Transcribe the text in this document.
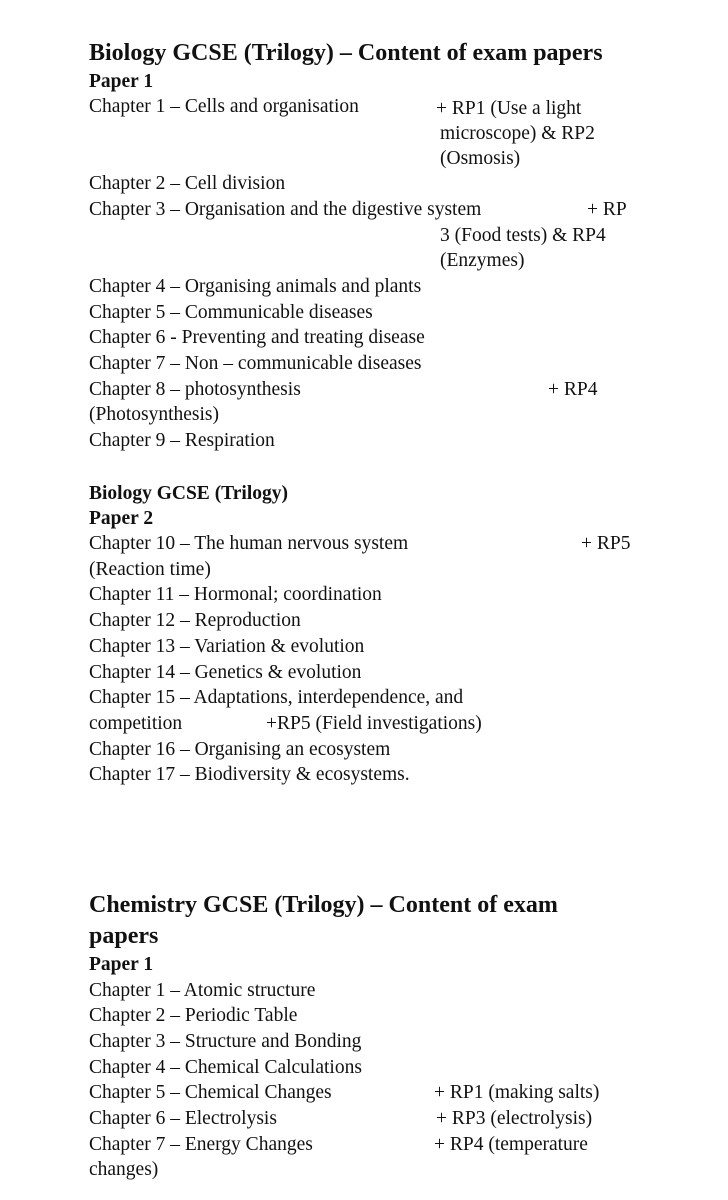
Biology GCSE (Trilogy) – Content of exam papers
Paper 1
Chapter 1 – Cells and organisation	+ RP1 (Use a light
microscope) & RP2
(Osmosis)
Chapter 2 – Cell division
Chapter 3 – Organisation and the digestive system	+ RP
3 (Food tests) & RP4
(Enzymes)
Chapter 4 – Organising animals and plants
Chapter 5 – Communicable diseases
Chapter 6 - Preventing and treating disease
Chapter 7 – Non – communicable diseases
Chapter 8 – photosynthesis	+ RP4
(Photosynthesis)
Chapter 9 – Respiration
Biology GCSE (Trilogy)
Paper 2
Chapter 10 – The human nervous system	+ RP5
(Reaction time)
Chapter 11 – Hormonal; coordination
Chapter 12 – Reproduction
Chapter 13 – Variation & evolution
Chapter 14 – Genetics & evolution
Chapter 15 – Adaptations, interdependence, and
competition	+RP5 (Field investigations)
Chapter 16 – Organising an ecosystem
Chapter 17 – Biodiversity & ecosystems.
Chemistry GCSE (Trilogy) – Content of exam
papers
Paper 1
Chapter 1 – Atomic structure
Chapter 2 – Periodic Table
Chapter 3 – Structure and Bonding
Chapter 4 – Chemical Calculations
Chapter 5 – Chemical Changes	+ RP1 (making salts)
Chapter 6 – Electrolysis	+ RP3 (electrolysis)
Chapter 7 – Energy Changes	+ RP4 (temperature
changes)
